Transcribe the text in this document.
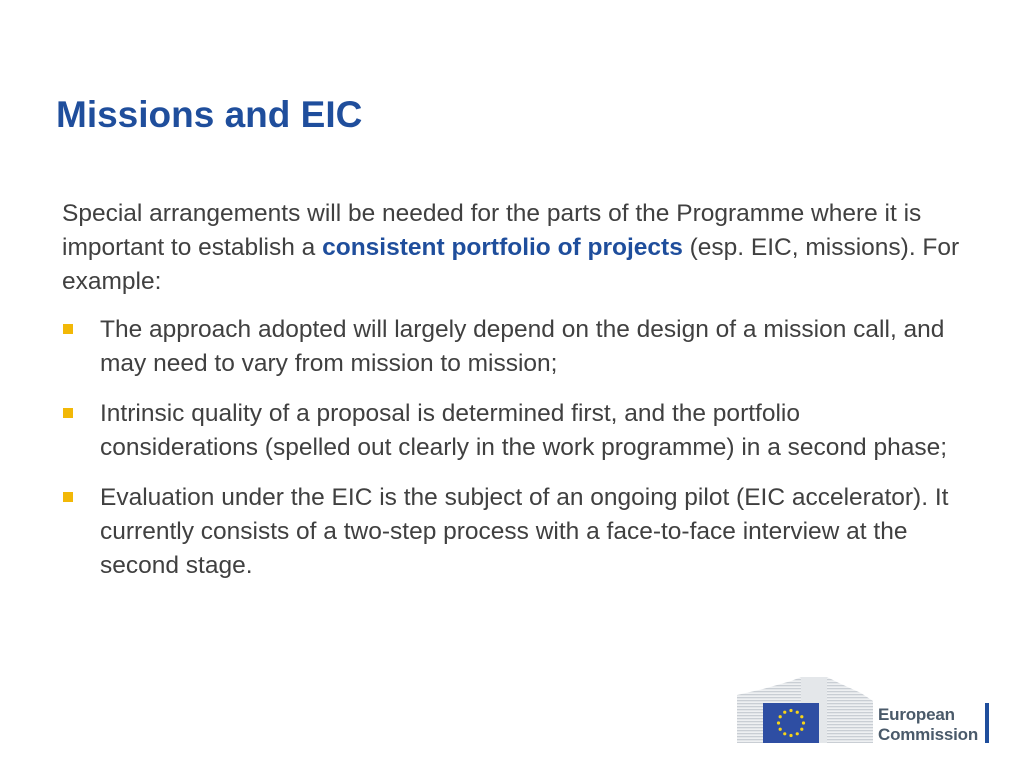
Missions and EIC

Special arrangements will be needed for the parts of the Programme where it is important to establish a consistent portfolio of projects (esp. EIC, missions). For example:

The approach adopted will largely depend on the design of a mission call, and may need to vary from mission to mission;
Intrinsic quality of a proposal is determined first, and the portfolio considerations (spelled out clearly in the work programme) in a second phase;
Evaluation under the EIC is the subject of an ongoing pilot (EIC accelerator). It currently consists of a two-step process with a face-to-face interview at the second stage.
European
Commission
